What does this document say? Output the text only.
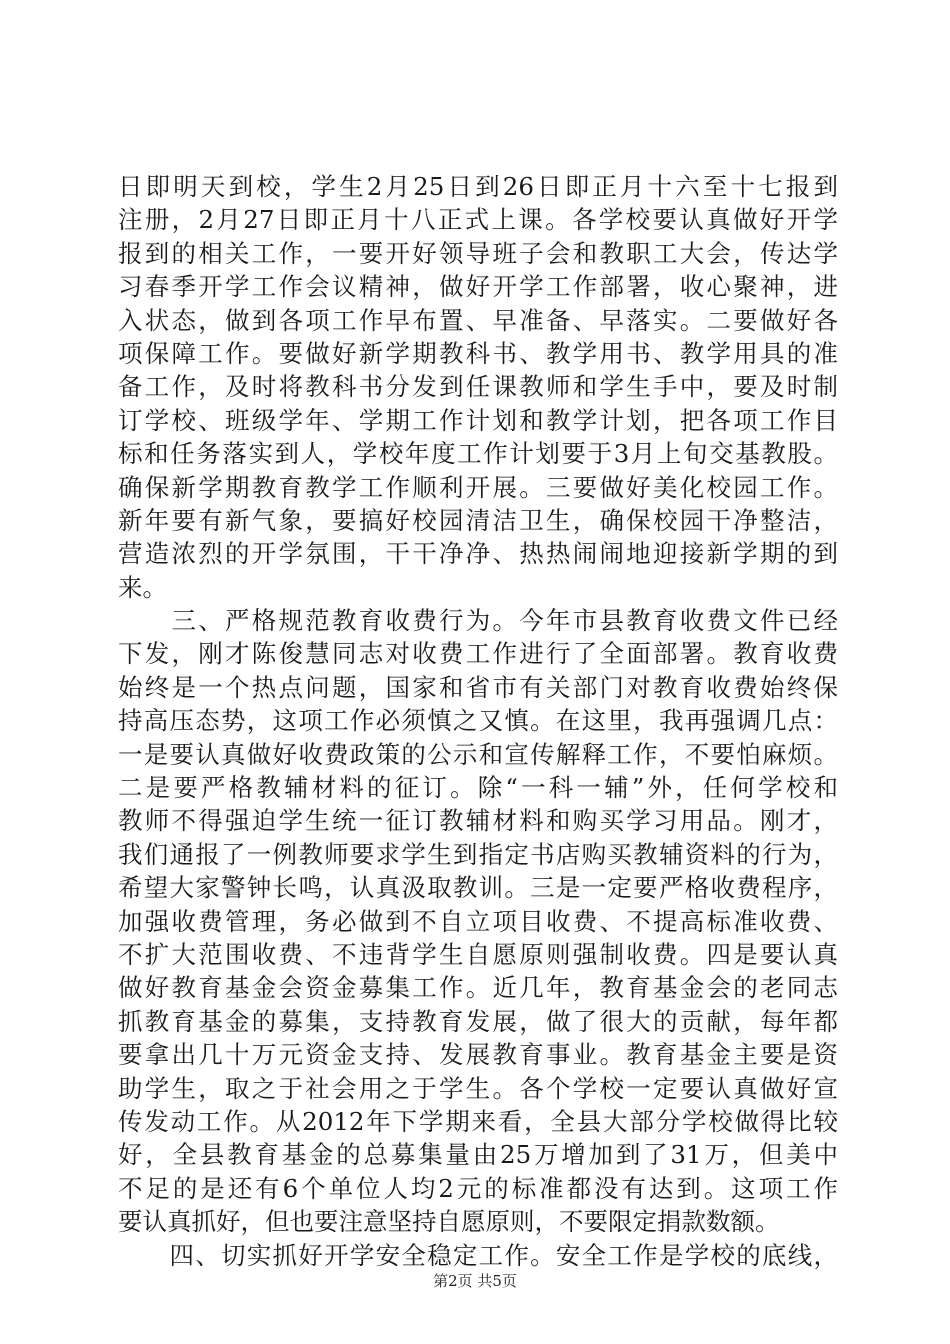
日即明天到校，学生2月25日到26日即正月十六至十七报到
注册，2月27日即正月十八正式上课。各学校要认真做好开学
报到的相关工作，一要开好领导班子会和教职工大会，传达学
习春季开学工作会议精神，做好开学工作部署，收心聚神，进
入状态，做到各项工作早布置、早准备、早落实。二要做好各
项保障工作。要做好新学期教科书、教学用书、教学用具的准
备工作，及时将教科书分发到任课教师和学生手中，要及时制
订学校、班级学年、学期工作计划和教学计划，把各项工作目
标和任务落实到人，学校年度工作计划要于3月上旬交基教股。
确保新学期教育教学工作顺利开展。三要做好美化校园工作。
新年要有新气象，要搞好校园清洁卫生，确保校园干净整洁，
营造浓烈的开学氛围，干干净净、热热闹闹地迎接新学期的到
来。
　　三、严格规范教育收费行为。今年市县教育收费文件已经
下发，刚才陈俊慧同志对收费工作进行了全面部署。教育收费
始终是一个热点问题，国家和省市有关部门对教育收费始终保
持高压态势，这项工作必须慎之又慎。在这里，我再强调几点：
一是要认真做好收费政策的公示和宣传解释工作，不要怕麻烦。
二是要严格教辅材料的征订。除“一科一辅”外，任何学校和
教师不得强迫学生统一征订教辅材料和购买学习用品。刚才，
我们通报了一例教师要求学生到指定书店购买教辅资料的行为，
希望大家警钟长鸣，认真汲取教训。三是一定要严格收费程序，
加强收费管理，务必做到不自立项目收费、不提高标准收费、
不扩大范围收费、不违背学生自愿原则强制收费。四是要认真
做好教育基金会资金募集工作。近几年，教育基金会的老同志
抓教育基金的募集，支持教育发展，做了很大的贡献，每年都
要拿出几十万元资金支持、发展教育事业。教育基金主要是资
助学生，取之于社会用之于学生。各个学校一定要认真做好宣
传发动工作。从2012年下学期来看，全县大部分学校做得比较
好，全县教育基金的总募集量由25万增加到了31万，但美中
不足的是还有6个单位人均2元的标准都没有达到。这项工作
要认真抓好，但也要注意坚持自愿原则，不要限定捐款数额。
　　四、切实抓好开学安全稳定工作。安全工作是学校的底线，
第2页 共5页
